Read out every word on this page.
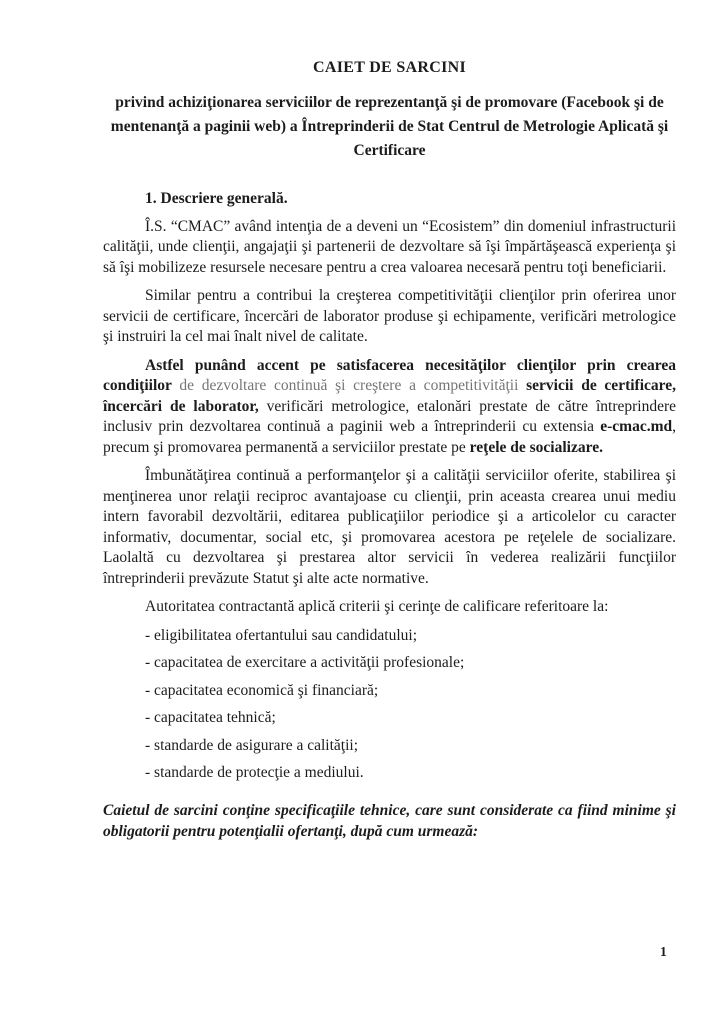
CAIET DE SARCINI
privind achiziţionarea serviciilor de reprezentanţă şi de promovare (Facebook şi de
mentenanţă a paginii web) a Întreprinderii de Stat Centrul de Metrologie Aplicată şi
Certificare
1. Descriere generală.

Î.S. “CMAC” având intenţia de a deveni un “Ecosistem” din domeniul infrastructurii calităţii, unde clienţii, angajaţii şi partenerii de dezvoltare să îşi împărtăşească experienţa şi să îşi mobilizeze resursele necesare pentru a crea valoarea necesară pentru toţi beneficiarii.

Similar pentru a contribui la creşterea competitivităţii clienţilor prin oferirea unor servicii de certificare, încercări de laborator produse şi echipamente, verificări metrologice şi instruiri la cel mai înalt nivel de calitate.

Astfel punând accent pe satisfacerea necesităţilor clienţilor prin crearea condiţiilor de dezvoltare continuă şi creştere a competitivităţii servicii de certificare, încercări de laborator, verificări metrologice, etalonări prestate de către întreprindere inclusiv prin dezvoltarea continuă a paginii web a întreprinderii cu extensia e-cmac.md, precum şi promovarea permanentă a serviciilor prestate pe reţele de socializare.

Îmbunătăţirea continuă a performanţelor şi a calităţii serviciilor oferite, stabilirea şi menţinerea unor relaţii reciproc avantajoase cu clienţii, prin aceasta crearea unui mediu intern favorabil dezvoltării, editarea publicaţiilor periodice şi a articolelor cu caracter informativ, documentar, social etc, şi promovarea acestora pe reţelele de socializare. Laolaltă cu dezvoltarea şi prestarea altor servicii în vederea realizării funcţiilor întreprinderii prevăzute Statut şi alte acte normative.

Autoritatea contractantă aplică criterii şi cerinţe de calificare referitoare la:

- eligibilitatea ofertantului sau candidatului;
- capacitatea de exercitare a activităţii profesionale;
- capacitatea economică şi financiară;
- capacitatea tehnică;
- standarde de asigurare a calităţii;
- standarde de protecţie a mediului.

Caietul de sarcini conţine specificaţiile tehnice, care sunt considerate ca fiind minime şi obligatorii pentru potenţialii ofertanţi, după cum urmează:

1
